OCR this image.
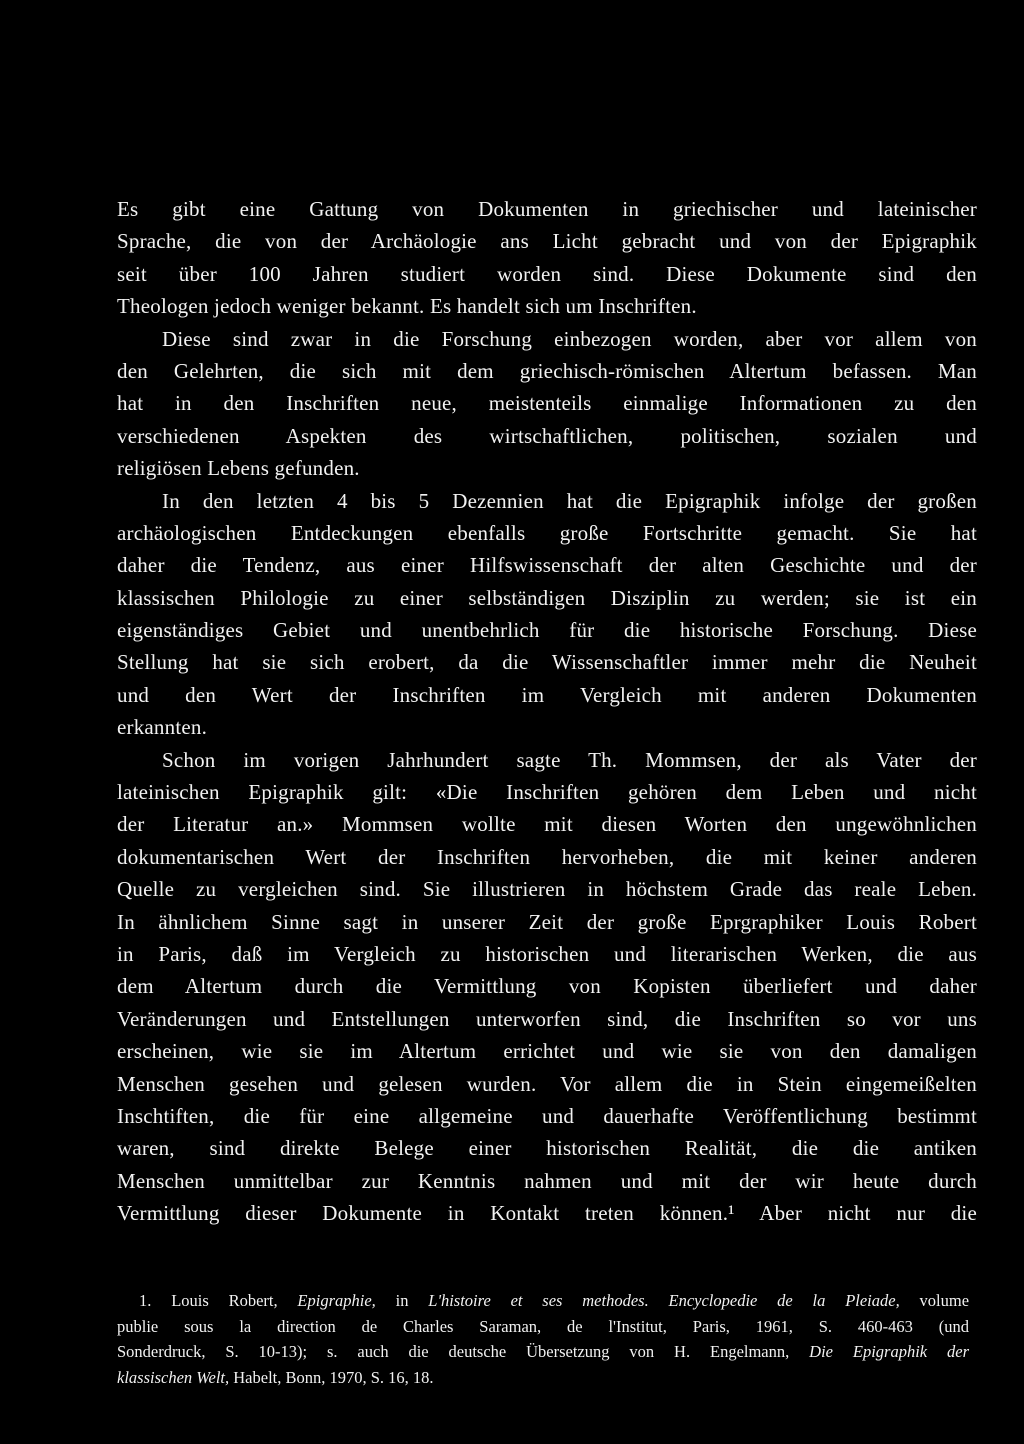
Es gibt eine Gattung von Dokumenten in griechischer und lateinischer
Sprache, die von der Archäologie ans Licht gebracht und von der Epigraphik
seit über 100 Jahren studiert worden sind. Diese Dokumente sind den
Theologen jedoch weniger bekannt. Es handelt sich um Inschriften.
Diese sind zwar in die Forschung einbezogen worden, aber vor allem von
den Gelehrten, die sich mit dem griechisch-römischen Altertum befassen. Man
hat in den Inschriften neue, meistenteils einmalige Informationen zu den
verschiedenen Aspekten des wirtschaftlichen, politischen, sozialen und
religiösen Lebens gefunden.
In den letzten 4 bis 5 Dezennien hat die Epigraphik infolge der großen
archäologischen Entdeckungen ebenfalls große Fortschritte gemacht. Sie hat
daher die Tendenz, aus einer Hilfswissenschaft der alten Geschichte und der
klassischen Philologie zu einer selbständigen Disziplin zu werden; sie ist ein
eigenständiges Gebiet und unentbehrlich für die historische Forschung. Diese
Stellung hat sie sich erobert, da die Wissenschaftler immer mehr die Neuheit
und den Wert der Inschriften im Vergleich mit anderen Dokumenten
erkannten.
Schon im vorigen Jahrhundert sagte Th. Mommsen, der als Vater der
lateinischen Epigraphik gilt: «Die Inschriften gehören dem Leben und nicht
der Literatur an.» Mommsen wollte mit diesen Worten den ungewöhnlichen
dokumentarischen Wert der Inschriften hervorheben, die mit keiner anderen
Quelle zu vergleichen sind. Sie illustrieren in höchstem Grade das reale Leben.
In ähnlichem Sinne sagt in unserer Zeit der große Eprgraphiker Louis Robert
in Paris, daß im Vergleich zu historischen und literarischen Werken, die aus
dem Altertum durch die Vermittlung von Kopisten überliefert und daher
Veränderungen und Entstellungen unterworfen sind, die Inschriften so vor uns
erscheinen, wie sie im Altertum errichtet und wie sie von den damaligen
Menschen gesehen und gelesen wurden. Vor allem die in Stein eingemeißelten
Inschtiften, die für eine allgemeine und dauerhafte Veröffentlichung bestimmt
waren, sind direkte Belege einer historischen Realität, die die antiken
Menschen unmittelbar zur Kenntnis nahmen und mit der wir heute durch
Vermittlung dieser Dokumente in Kontakt treten können.¹ Aber nicht nur die
1. Louis Robert, Epigraphie, in L'histoire et ses methodes. Encyclopedie de la Pleiade, volume
publie sous la direction de Charles Saraman, de l'Institut, Paris, 1961, S. 460-463 (und
Sonderdruck, S. 10-13); s. auch die deutsche Übersetzung von H. Engelmann, Die Epigraphik der
klassischen Welt, Habelt, Bonn, 1970, S. 16, 18.
